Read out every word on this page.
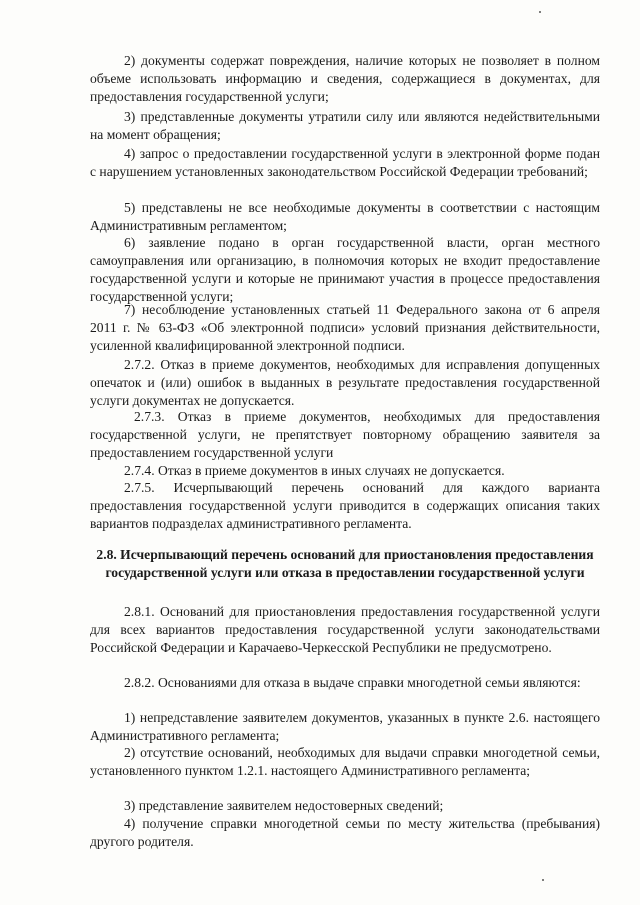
2) документы содержат повреждения, наличие которых не позволяет в полном объеме использовать информацию и сведения, содержащиеся в документах, для предоставления государственной услуги;

3) представленные документы утратили силу или являются недействительными на момент обращения;

4) запрос о предоставлении государственной услуги в электронной форме подан с нарушением установленных законодательством Российской Федерации требований;

5) представлены не все необходимые документы в соответствии с настоящим Административным регламентом;

6) заявление подано в орган государственной власти, орган местного самоуправления или организацию, в полномочия которых не входит предоставление государственной услуги и которые не принимают участия в процессе предоставления государственной услуги;

7) несоблюдение установленных статьей 11 Федерального закона от 6 апреля 2011 г. № 63-ФЗ «Об электронной подписи» условий признания действительности, усиленной квалифицированной электронной подписи.

2.7.2. Отказ в приеме документов, необходимых для исправления допущенных опечаток и (или) ошибок в выданных в результате предоставления государственной услуги документах не допускается.

2.7.3. Отказ в приеме документов, необходимых для предоставления государственной услуги, не препятствует повторному обращению заявителя за предоставлением государственной услуги

2.7.4. Отказ в приеме документов в иных случаях не допускается.

2.7.5. Исчерпывающий перечень оснований для каждого варианта предоставления государственной услуги приводится в содержащих описания таких вариантов подразделах административного регламента.

2.8. Исчерпывающий перечень оснований для приостановления предоставления государственной услуги или отказа в предоставлении государственной услуги

2.8.1. Оснований для приостановления предоставления государственной услуги для всех вариантов предоставления государственной услуги законодательствами Российской Федерации и Карачаево-Черкесской Республики не предусмотрено.

2.8.2. Основаниями для отказа в выдаче справки многодетной семьи являются:

1) непредставление заявителем документов, указанных в пункте 2.6. настоящего Административного регламента;

2) отсутствие оснований, необходимых для выдачи справки многодетной семьи, установленного пунктом 1.2.1. настоящего Административного регламента;

3) представление заявителем недостоверных сведений;

4) получение справки многодетной семьи по месту жительства (пребывания) другого родителя.
